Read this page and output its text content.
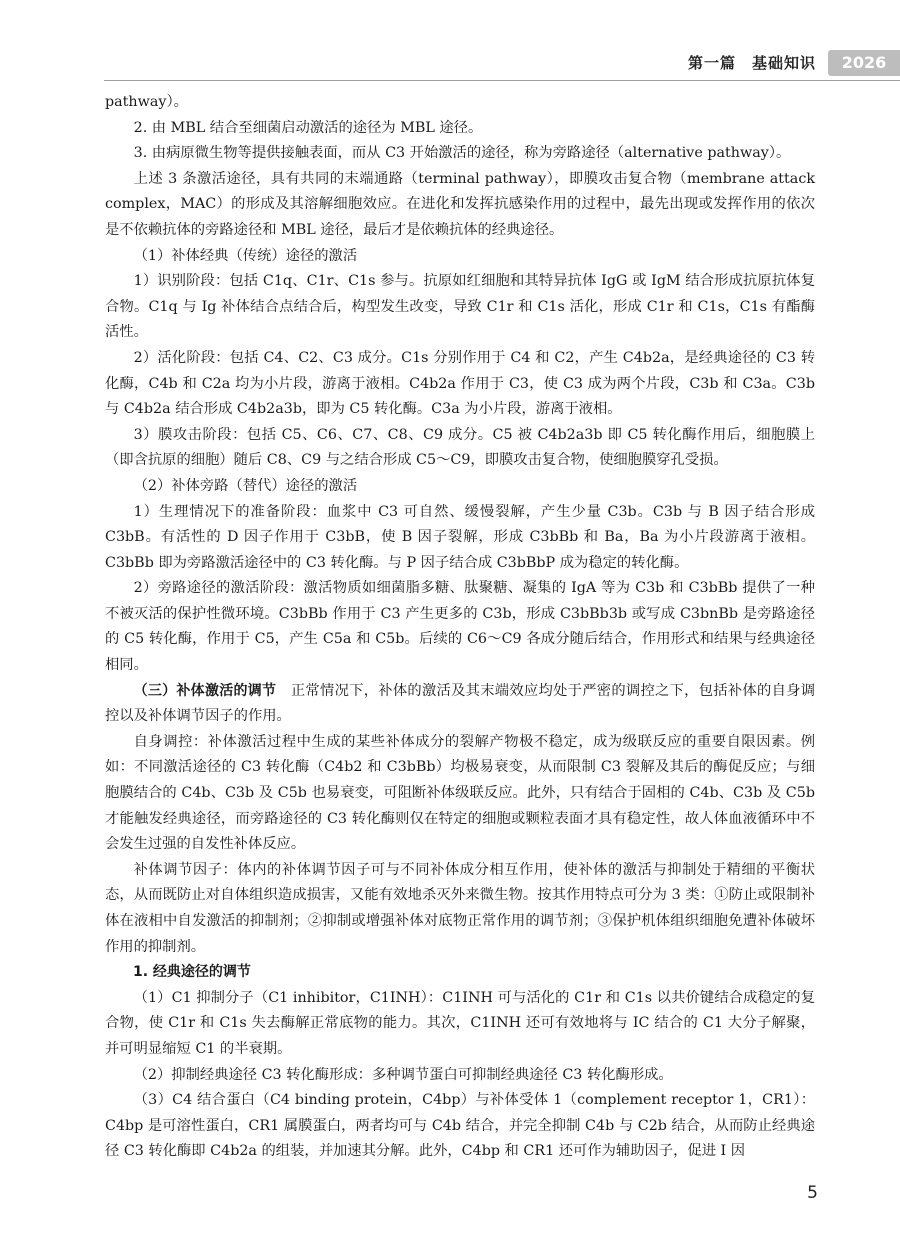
第一篇　基础知识	2026

pathway）。

2. 由 MBL 结合至细菌启动激活的途径为 MBL 途径。

3. 由病原微生物等提供接触表面，而从 C3 开始激活的途径，称为旁路途径（alternative pathway）。

上述 3 条激活途径，具有共同的末端通路（terminal pathway），即膜攻击复合物（membrane attack complex，MAC）的形成及其溶解细胞效应。在进化和发挥抗感染作用的过程中，最先出现或发挥作用的依次是不依赖抗体的旁路途径和 MBL 途径，最后才是依赖抗体的经典途径。

（1）补体经典（传统）途径的激活

1）识别阶段：包括 C1q、C1r、C1s 参与。抗原如红细胞和其特异抗体 IgG 或 IgM 结合形成抗原抗体复合物。C1q 与 Ig 补体结合点结合后，构型发生改变，导致 C1r 和 C1s 活化，形成 C1r 和 C1s，C1s 有酯酶活性。

2）活化阶段：包括 C4、C2、C3 成分。C1s 分别作用于 C4 和 C2，产生 C4b2a，是经典途径的 C3 转化酶，C4b 和 C2a 均为小片段，游离于液相。C4b2a 作用于 C3，使 C3 成为两个片段，C3b 和 C3a。C3b 与 C4b2a 结合形成 C4b2a3b，即为 C5 转化酶。C3a 为小片段，游离于液相。

3）膜攻击阶段：包括 C5、C6、C7、C8、C9 成分。C5 被 C4b2a3b 即 C5 转化酶作用后，细胞膜上（即含抗原的细胞）随后 C8、C9 与之结合形成 C5～C9，即膜攻击复合物，使细胞膜穿孔受损。

（2）补体旁路（替代）途径的激活

1）生理情况下的准备阶段：血浆中 C3 可自然、缓慢裂解，产生少量 C3b。C3b 与 B 因子结合形成 C3bB。有活性的 D 因子作用于 C3bB，使 B 因子裂解，形成 C3bBb 和 Ba，Ba 为小片段游离于液相。C3bBb 即为旁路激活途径中的 C3 转化酶。与 P 因子结合成 C3bBbP 成为稳定的转化酶。

2）旁路途径的激活阶段：激活物质如细菌脂多糖、肽聚糖、凝集的 IgA 等为 C3b 和 C3bBb 提供了一种不被灭活的保护性微环境。C3bBb 作用于 C3 产生更多的 C3b，形成 C3bBb3b 或写成 C3bnBb 是旁路途径的 C5 转化酶，作用于 C5，产生 C5a 和 C5b。后续的 C6～C9 各成分随后结合，作用形式和结果与经典途径相同。

（三）补体激活的调节　正常情况下，补体的激活及其末端效应均处于严密的调控之下，包括补体的自身调控以及补体调节因子的作用。

自身调控：补体激活过程中生成的某些补体成分的裂解产物极不稳定，成为级联反应的重要自限因素。例如：不同激活途径的 C3 转化酶（C4b2 和 C3bBb）均极易衰变，从而限制 C3 裂解及其后的酶促反应；与细胞膜结合的 C4b、C3b 及 C5b 也易衰变，可阻断补体级联反应。此外，只有结合于固相的 C4b、C3b 及 C5b 才能触发经典途径，而旁路途径的 C3 转化酶则仅在特定的细胞或颗粒表面才具有稳定性，故人体血液循环中不会发生过强的自发性补体反应。

补体调节因子：体内的补体调节因子可与不同补体成分相互作用，使补体的激活与抑制处于精细的平衡状态，从而既防止对自体组织造成损害，又能有效地杀灭外来微生物。按其作用特点可分为 3 类：①防止或限制补体在液相中自发激活的抑制剂；②抑制或增强补体对底物正常作用的调节剂；③保护机体组织细胞免遭补体破坏作用的抑制剂。

1. 经典途径的调节

（1）C1 抑制分子（C1 inhibitor，C1INH）：C1INH 可与活化的 C1r 和 C1s 以共价键结合成稳定的复合物，使 C1r 和 C1s 失去酶解正常底物的能力。其次，C1INH 还可有效地将与 IC 结合的 C1 大分子解聚，并可明显缩短 C1 的半衰期。

（2）抑制经典途径 C3 转化酶形成：多种调节蛋白可抑制经典途径 C3 转化酶形成。

（3）C4 结合蛋白（C4 binding protein，C4bp）与补体受体 1（complement receptor 1，CR1）：C4bp 是可溶性蛋白，CR1 属膜蛋白，两者均可与 C4b 结合，并完全抑制 C4b 与 C2b 结合，从而防止经典途径 C3 转化酶即 C4b2a 的组装，并加速其分解。此外，C4bp 和 CR1 还可作为辅助因子，促进 I 因

5
